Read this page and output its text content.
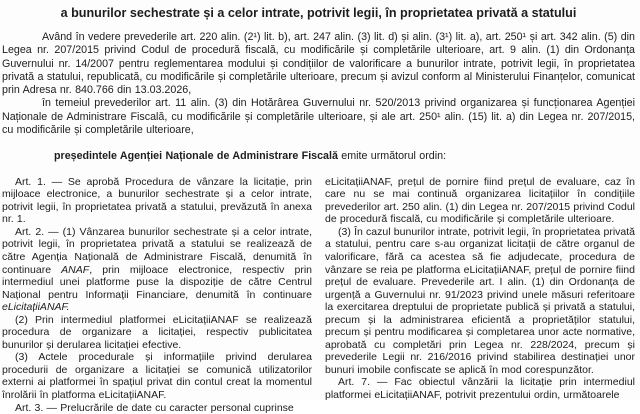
a bunurilor sechestrate și a celor intrate, potrivit legii, în proprietatea privată a statului

Având în vedere prevederile art. 220 alin. (2¹) lit. b), art. 247 alin. (3) lit. d) și alin. (3¹) lit. a), art. 250¹ și art. 342 alin. (5) din Legea nr. 207/2015 privind Codul de procedură fiscală, cu modificările și completările ulterioare, art. 9 alin. (1) din Ordonanța Guvernului nr. 14/2007 pentru reglementarea modului și condițiilor de valorificare a bunurilor intrate, potrivit legii, în proprietatea privată a statului, republicată, cu modificările și completările ulterioare, precum și avizul conform al Ministerului Finanțelor, comunicat prin Adresa nr. 840.766 din 13.03.2026,

în temeiul prevederilor art. 11 alin. (3) din Hotărârea Guvernului nr. 520/2013 privind organizarea și funcționarea Agenției Naționale de Administrare Fiscală, cu modificările și completările ulterioare, și ale art. 250¹ alin. (15) lit. a) din Legea nr. 207/2015, cu modificările și completările ulterioare,

președintele Agenției Naționale de Administrare Fiscală emite următorul ordin:

Art. 1. — Se aprobă Procedura de vânzare la licitație, prin mijloace electronice, a bunurilor sechestrate și a celor intrate, potrivit legii, în proprietatea privată a statului, prevăzută în anexa nr. 1.

Art. 2. — (1) Vânzarea bunurilor sechestrate și a celor intrate, potrivit legii, în proprietatea privată a statului se realizează de către Agenția Națională de Administrare Fiscală, denumită în continuare ANAF, prin mijloace electronice, respectiv prin intermediul unei platforme puse la dispoziție de către Centrul Național pentru Informații Financiare, denumită în continuare eLicitațiiANAF.

(2) Prin intermediul platformei eLicitațiiANAF se realizează procedura de organizare a licitației, respectiv publicitatea bunurilor și derularea licitației efective.

(3) Actele procedurale și informațiile privind derularea procedurii de organizare a licitației se comunică utilizatorilor externi ai platformei în spațiul privat din contul creat la momentul înrolării în platforma eLicitațiiANAF.

Art. 3. — Prelucrările de date cu caracter personal cuprinse

eLicitațiiANAF, prețul de pornire fiind prețul de evaluare, caz în care nu se mai continuă organizarea licitațiilor în condițiile prevederilor art. 250 alin. (1) din Legea nr. 207/2015 privind Codul de procedură fiscală, cu modificările și completările ulterioare.

(3) În cazul bunurilor intrate, potrivit legii, în proprietatea privată a statului, pentru care s-au organizat licitații de către organul de valorificare, fără ca acestea să fie adjudecate, procedura de vânzare se reia pe platforma eLicitațiiANAF, prețul de pornire fiind prețul de evaluare. Prevederile art. I alin. (1) din Ordonanța de urgență a Guvernului nr. 91/2023 privind unele măsuri referitoare la exercitarea dreptului de proprietate publică și privată a statului, precum și la administrarea eficientă a proprietăților statului, precum și pentru modificarea și completarea unor acte normative, aprobată cu completări prin Legea nr. 228/2024, precum și prevederile Legii nr. 216/2016 privind stabilirea destinației unor bunuri imobile confiscate se aplică în mod corespunzător.

Art. 7. — Fac obiectul vânzării la licitație prin intermediul platformei eLicitațiiANAF, potrivit prezentului ordin, următoarele
